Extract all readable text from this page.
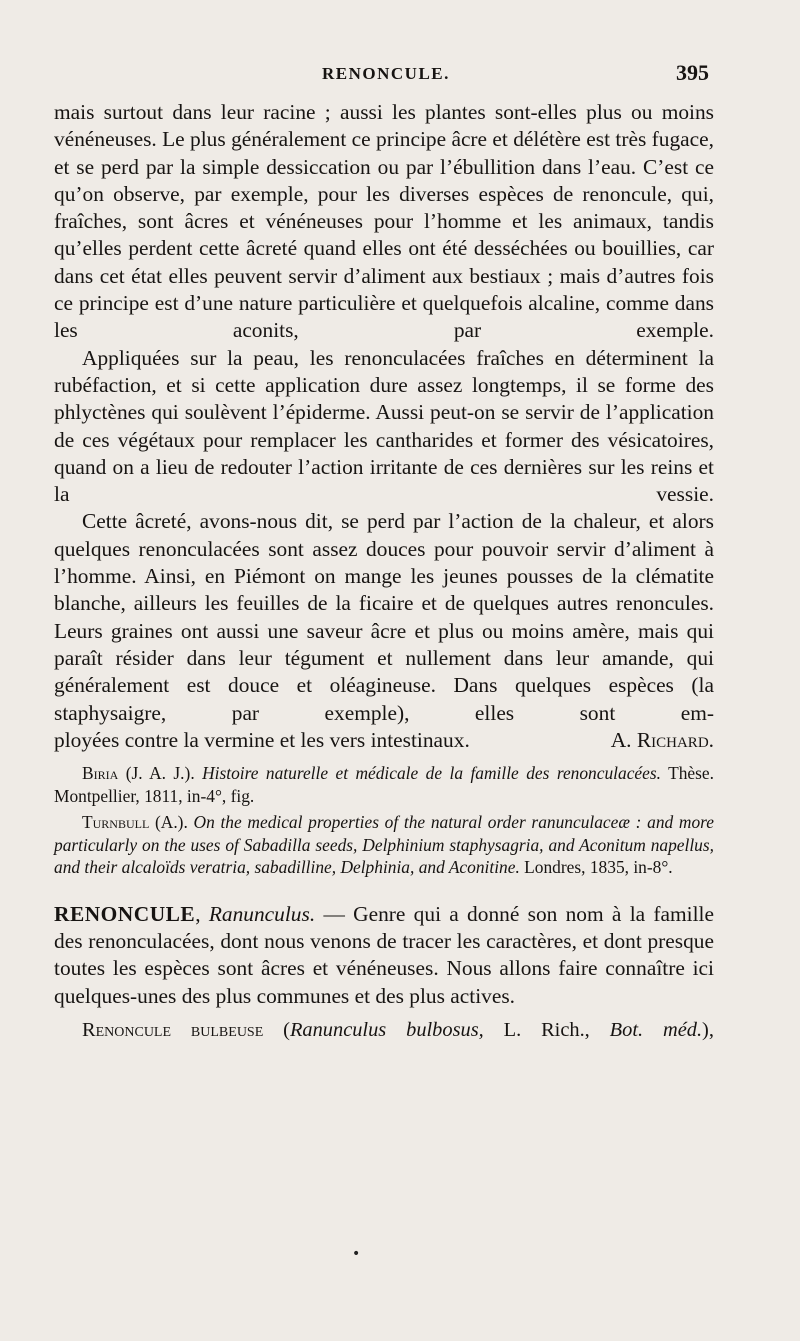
RENONCULE.	395

mais surtout dans leur racine ; aussi les plantes sont-elles plus ou moins vénéneuses. Le plus généralement ce principe âcre et délétère est très fugace, et se perd par la simple dessiccation ou par l’ébullition dans l’eau. C’est ce qu’on observe, par exemple, pour les diverses espèces de renoncule, qui, fraîches, sont âcres et vénéneuses pour l’homme et les animaux, tandis qu’elles perdent cette âcreté quand elles ont été desséchées ou bouillies, car dans cet état elles peuvent servir d’aliment aux bestiaux ; mais d’autres fois ce principe est d’une nature particulière et quelquefois alcaline, comme dans les aconits, par exemple.

Appliquées sur la peau, les renonculacées fraîches en déterminent la rubéfaction, et si cette application dure assez longtemps, il se forme des phlyctènes qui soulèvent l’épiderme. Aussi peut-on se servir de l’application de ces végétaux pour remplacer les cantharides et former des vésicatoires, quand on a lieu de redouter l’action irritante de ces dernières sur les reins et la vessie.

Cette âcreté, avons-nous dit, se perd par l’action de la chaleur, et alors quelques renonculacées sont assez douces pour pouvoir servir d’aliment à l’homme. Ainsi, en Piémont on mange les jeunes pousses de la clématite blanche, ailleurs les feuilles de la ficaire et de quelques autres renoncules. Leurs graines ont aussi une saveur âcre et plus ou moins amère, mais qui paraît résider dans leur tégument et nullement dans leur amande, qui généralement est douce et oléagineuse. Dans quelques espèces (la staphysaigre, par exemple), elles sont em-

ployées contre la vermine et les vers intestinaux.	A. Richard.

Biria (J. A. J.). Histoire naturelle et médicale de la famille des renonculacées. Thèse. Montpellier, 1811, in-4°, fig.

Turnbull (A.). On the medical properties of the natural order ranunculaceæ : and more particularly on the uses of Sabadilla seeds, Delphinium staphysagria, and Aconitum napellus, and their alcaloïds veratria, sabadilline, Delphinia, and Aconitine. Londres, 1835, in-8°.

RENONCULE, Ranunculus. — Genre qui a donné son nom à la famille des renonculacées, dont nous venons de tracer les caractères, et dont presque toutes les espèces sont âcres et vénéneuses. Nous allons faire connaître ici quelques-unes des plus communes et des plus actives.

Renoncule bulbeuse (Ranunculus bulbosus, L. Rich., Bot. méd.),

•
